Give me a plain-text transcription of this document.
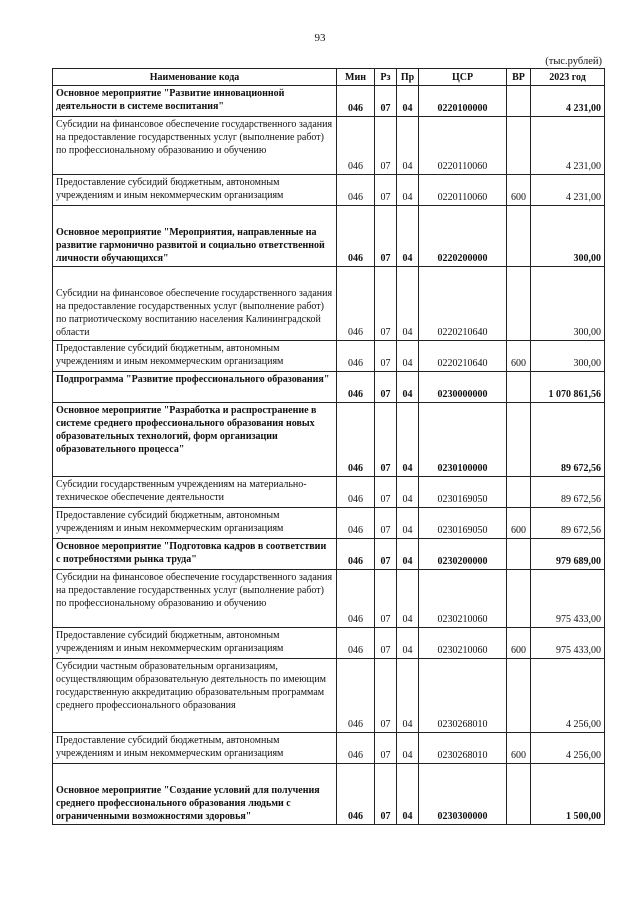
93
(тыс.рублей)
Наименование кода	Мин	Рз	Пр	ЦСР	ВР	2023 год
Основное мероприятие "Развитие инновационной деятельности в системе воспитания"	046	07	04	0220100000		4 231,00
Субсидии на финансовое обеспечение государственного задания на предоставление государственных услуг (выполнение работ) по профессиональному образованию и обучению	046	07	04	0220110060		4 231,00
Предоставление субсидий бюджетным, автономным учреждениям и иным некоммерческим организациям	046	07	04	0220110060	600	4 231,00
Основное мероприятие "Мероприятия, направленные на развитие гармонично развитой и социально ответственной личности обучающихся"	046	07	04	0220200000		300,00
Субсидии на финансовое обеспечение государственного задания на предоставление государственных услуг (выполнение работ) по патриотическому воспитанию населения Калининградской области	046	07	04	0220210640		300,00
Предоставление субсидий бюджетным, автономным учреждениям и иным некоммерческим организациям	046	07	04	0220210640	600	300,00
Подпрограмма "Развитие профессионального образования"	046	07	04	0230000000		1 070 861,56
Основное мероприятие "Разработка и распространение в системе среднего профессионального образования новых образовательных технологий, форм организации образовательного процесса"	046	07	04	0230100000		89 672,56
Субсидии государственным учреждениям на материально-техническое обеспечение деятельности	046	07	04	0230169050		89 672,56
Предоставление субсидий бюджетным, автономным учреждениям и иным некоммерческим организациям	046	07	04	0230169050	600	89 672,56
Основное мероприятие "Подготовка кадров в соответствии с потребностями рынка труда"	046	07	04	0230200000		979 689,00
Субсидии на финансовое обеспечение государственного задания на предоставление государственных услуг (выполнение работ) по профессиональному образованию и обучению	046	07	04	0230210060		975 433,00
Предоставление субсидий бюджетным, автономным учреждениям и иным некоммерческим организациям	046	07	04	0230210060	600	975 433,00
Субсидии частным образовательным организациям, осуществляющим образовательную деятельность по имеющим государственную аккредитацию образовательным программам среднего профессионального образования	046	07	04	0230268010		4 256,00
Предоставление субсидий бюджетным, автономным учреждениям и иным некоммерческим организациям	046	07	04	0230268010	600	4 256,00
Основное мероприятие "Создание условий для получения среднего профессионального образования людьми с ограниченными возможностями здоровья"	046	07	04	0230300000		1 500,00
